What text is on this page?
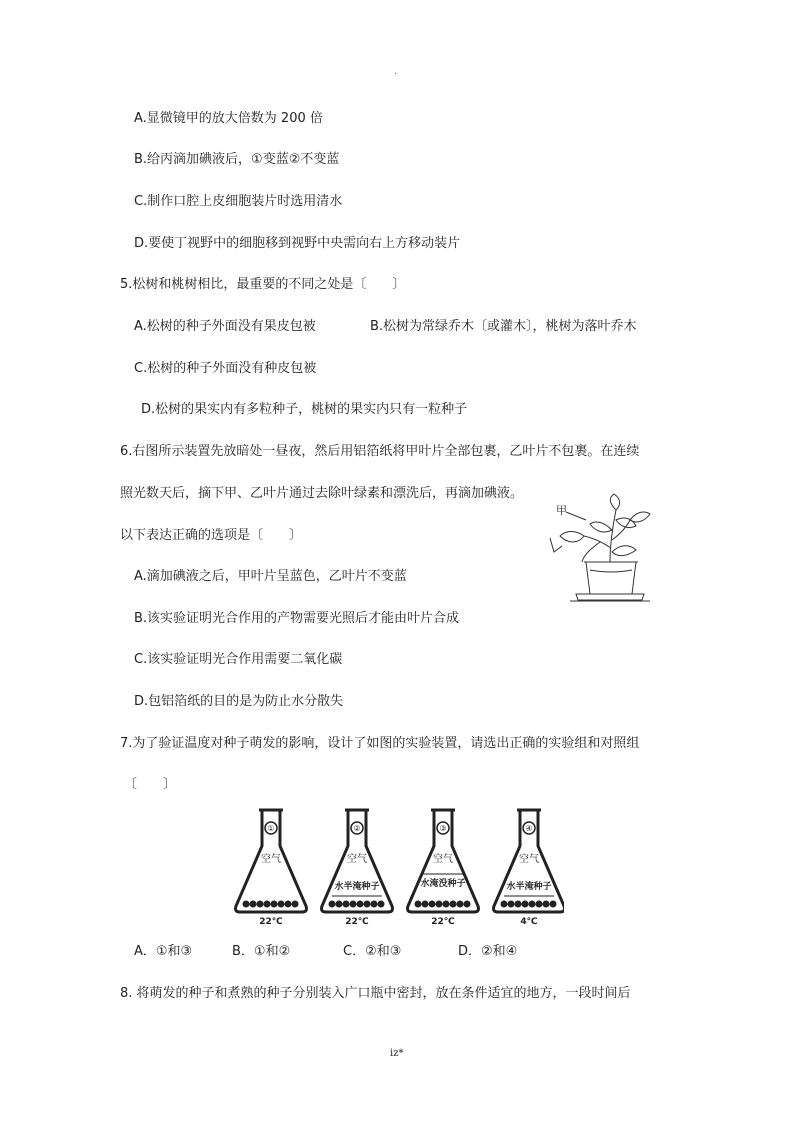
.
A.显微镜甲的放大倍数为 200 倍
B.给丙滴加碘液后，①变蓝②不变蓝
C.制作口腔上皮细胞装片时选用清水
D.要使丁视野中的细胞移到视野中央需向右上方移动装片
5.松树和桃树相比，最重要的不同之处是〔　　〕
A.松树的种子外面没有果皮包被	B.松树为常绿乔木〔或灌木〕，桃树为落叶乔木
C.松树的种子外面没有种皮包被
D.松树的果实内有多粒种子，桃树的果实内只有一粒种子
6.右图所示装置先放暗处一昼夜，然后用铝箔纸将甲叶片全部包裹，乙叶片不包裹。在连续
照光数天后，摘下甲、乙叶片通过去除叶绿素和漂洗后，再滴加碘液。
以下表达正确的选项是〔　　〕
A.滴加碘液之后，甲叶片呈蓝色，乙叶片不变蓝
B.该实验证明光合作用的产物需要光照后才能由叶片合成
C.该实验证明光合作用需要二氧化碳
D.包铝箔纸的目的是为防止水分散失
甲
7.为了验证温度对种子萌发的影响，设计了如图的实验装置，请选出正确的实验组和对照组
〔　　〕
①
空气
22℃
②
空气
水半淹种子
22℃
③
空气
水淹没种子
22℃
④
空气
水半淹种子
4℃
A．①和③	B．①和②	C．②和③	D．②和④
8. 将萌发的种子和煮熟的种子分别装入广口瓶中密封，放在条件适宜的地方，一段时间后
iz*
